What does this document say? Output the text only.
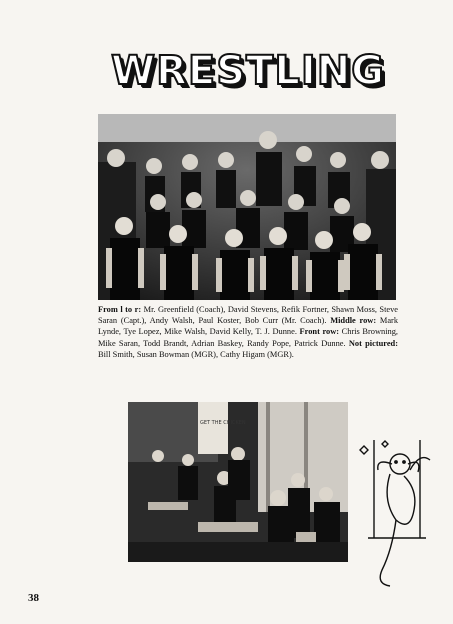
WRESTLING
From l to r: Mr. Greenfield (Coach), David Stevens, Refik Fortner, Shawn Moss, Steve Saran (Capt.), Andy Walsh, Paul Koster, Bob Curr (Mr. Coach). Middle row: Mark Lynde, Tye Lopez, Mike Walsh, David Kelly, T. J. Dunne. Front row: Chris Browning, Mike Saran, Todd Brandt, Adrian Baskey, Randy Pope, Patrick Dunne. Not pictured: Bill Smith, Susan Bowman (MGR), Cathy Higam (MGR).
GET THE CHICKEN
38
